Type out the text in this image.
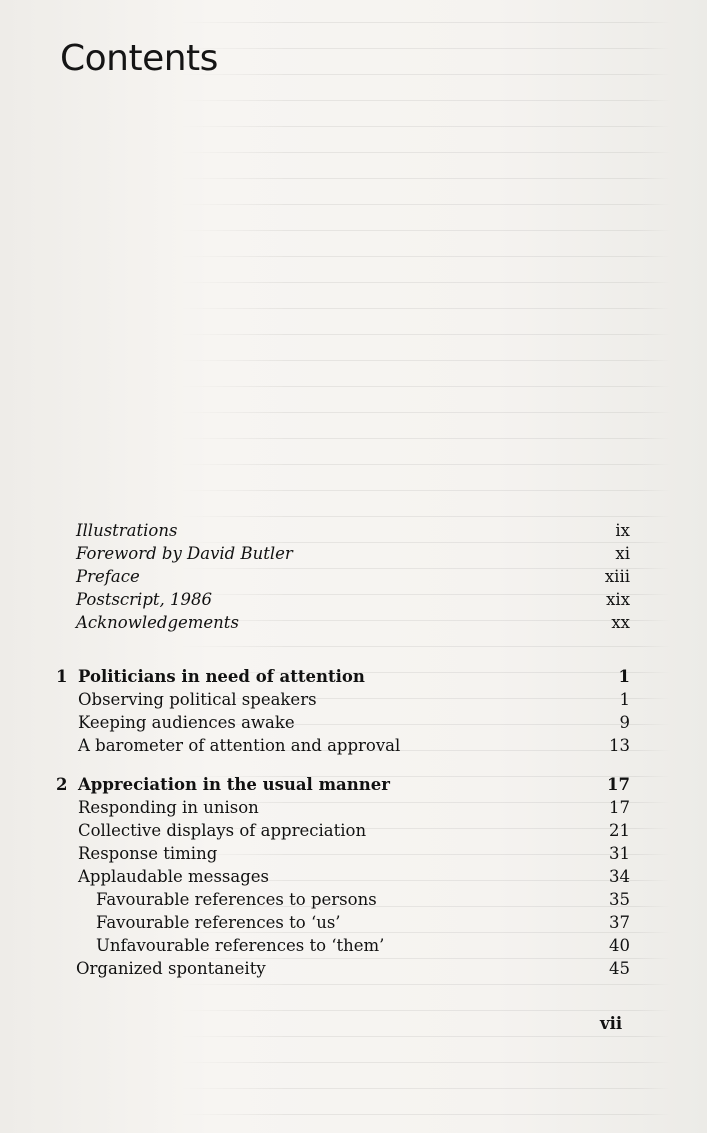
Contents
Illustrations	ix
Foreword by David Butler	xi
Preface	xiii
Postscript, 1986	xix
Acknowledgements	xx
1 Politicians in need of attention	1
Observing political speakers	1
Keeping audiences awake	9
A barometer of attention and approval	13
2 Appreciation in the usual manner	17
Responding in unison	17
Collective displays of appreciation	21
Response timing	31
Applaudable messages	34
Favourable references to persons	35
Favourable references to ‘us’	37
Unfavourable references to ‘them’	40
Organized spontaneity	45
vii
